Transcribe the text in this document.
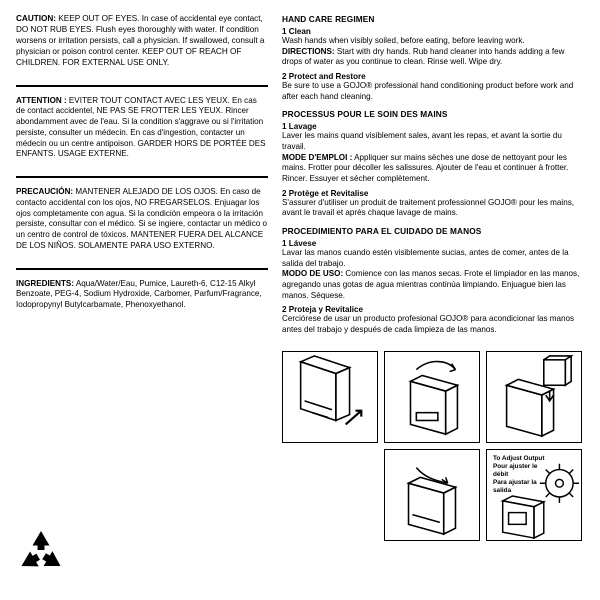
CAUTION: KEEP OUT OF EYES. In case of accidental eye contact, DO NOT RUB EYES. Flush eyes thoroughly with water. If condition worsens or irritation persists, call a physician. If swallowed, consult a physician or poison control center. KEEP OUT OF REACH OF CHILDREN. FOR EXTERNAL USE ONLY.

ATTENTION : EVITER TOUT CONTACT AVEC LES YEUX. En cas de contact accidentel, NE PAS SE FROTTER LES YEUX. Rincer abondamment avec de l'eau. Si la condition s'aggrave ou si l'irritation persiste, consulter un médecin. En cas d'ingestion, contacter un médecin ou un centre antipoison. GARDER HORS DE PORTÉE DES ENFANTS. USAGE EXTERNE.

PRECAUCIÓN: MANTENER ALEJADO DE LOS OJOS. En caso de contacto accidental con los ojos, NO FREGARSELOS. Enjuagar los ojos completamente con agua. Si la condición empeora o la irritación persiste, consultar con el médico. Si se ingiere, contactar un médico o un centro de control de tóxicos. MANTENER FUERA DEL ALCANCE DE LOS NIÑOS. SOLAMENTE PARA USO EXTERNO.

INGREDIENTS: Aqua/Water/Eau, Pumice, Laureth-6, C12-15 Alkyl Benzoate, PEG-4, Sodium Hydroxide, Carbomer, Parfum/Fragrance, Iodopropynyl Butylcarbamate, Phenoxyethanol.

HAND CARE REGIMEN
1 Clean

Wash hands when visibly soiled, before eating, before leaving work.

DIRECTIONS: Start with dry hands. Rub hand cleaner into hands adding a few drops of water as you continue to clean. Rinse well. Wipe dry.

2 Protect and Restore

Be sure to use a GOJO® professional hand conditioning product before work and after each hand cleaning.

PROCESSUS POUR LE SOIN DES MAINS
1 Lavage

Laver les mains quand visiblement sales, avant les repas, et avant la sortie du travail.

MODE D'EMPLOI : Appliquer sur mains sèches une dose de nettoyant pour les mains. Frotter pour décoller les salissures. Ajouter de l'eau et continuer à frotter. Rincer. Essuyer et sécher complètement.

2 Protège et Revitalise

S'assurer d'utiliser un produit de traitement professionnel GOJO® pour les mains, avant le travail et après chaque lavage de mains.

PROCEDIMIENTO PARA EL CUIDADO DE MANOS
1 Lávese

Lavar las manos cuando estén visiblemente sucias, antes de comer, antes de la salida del trabajo.

MODO DE USO: Comience con las manos secas. Frote el limpiador en las manos, agregando unas gotas de agua mientras continúa limpiando. Enjuague bien las manos. Séquese.

2 Proteja y Revitalice

Cerciórese de usar un producto profesional GOJO® para acondicionar las manos antes del trabajo y después de cada limpieza de las manos.

To Adjust Output
Pour ajuster le débit
Para ajustar la salida
